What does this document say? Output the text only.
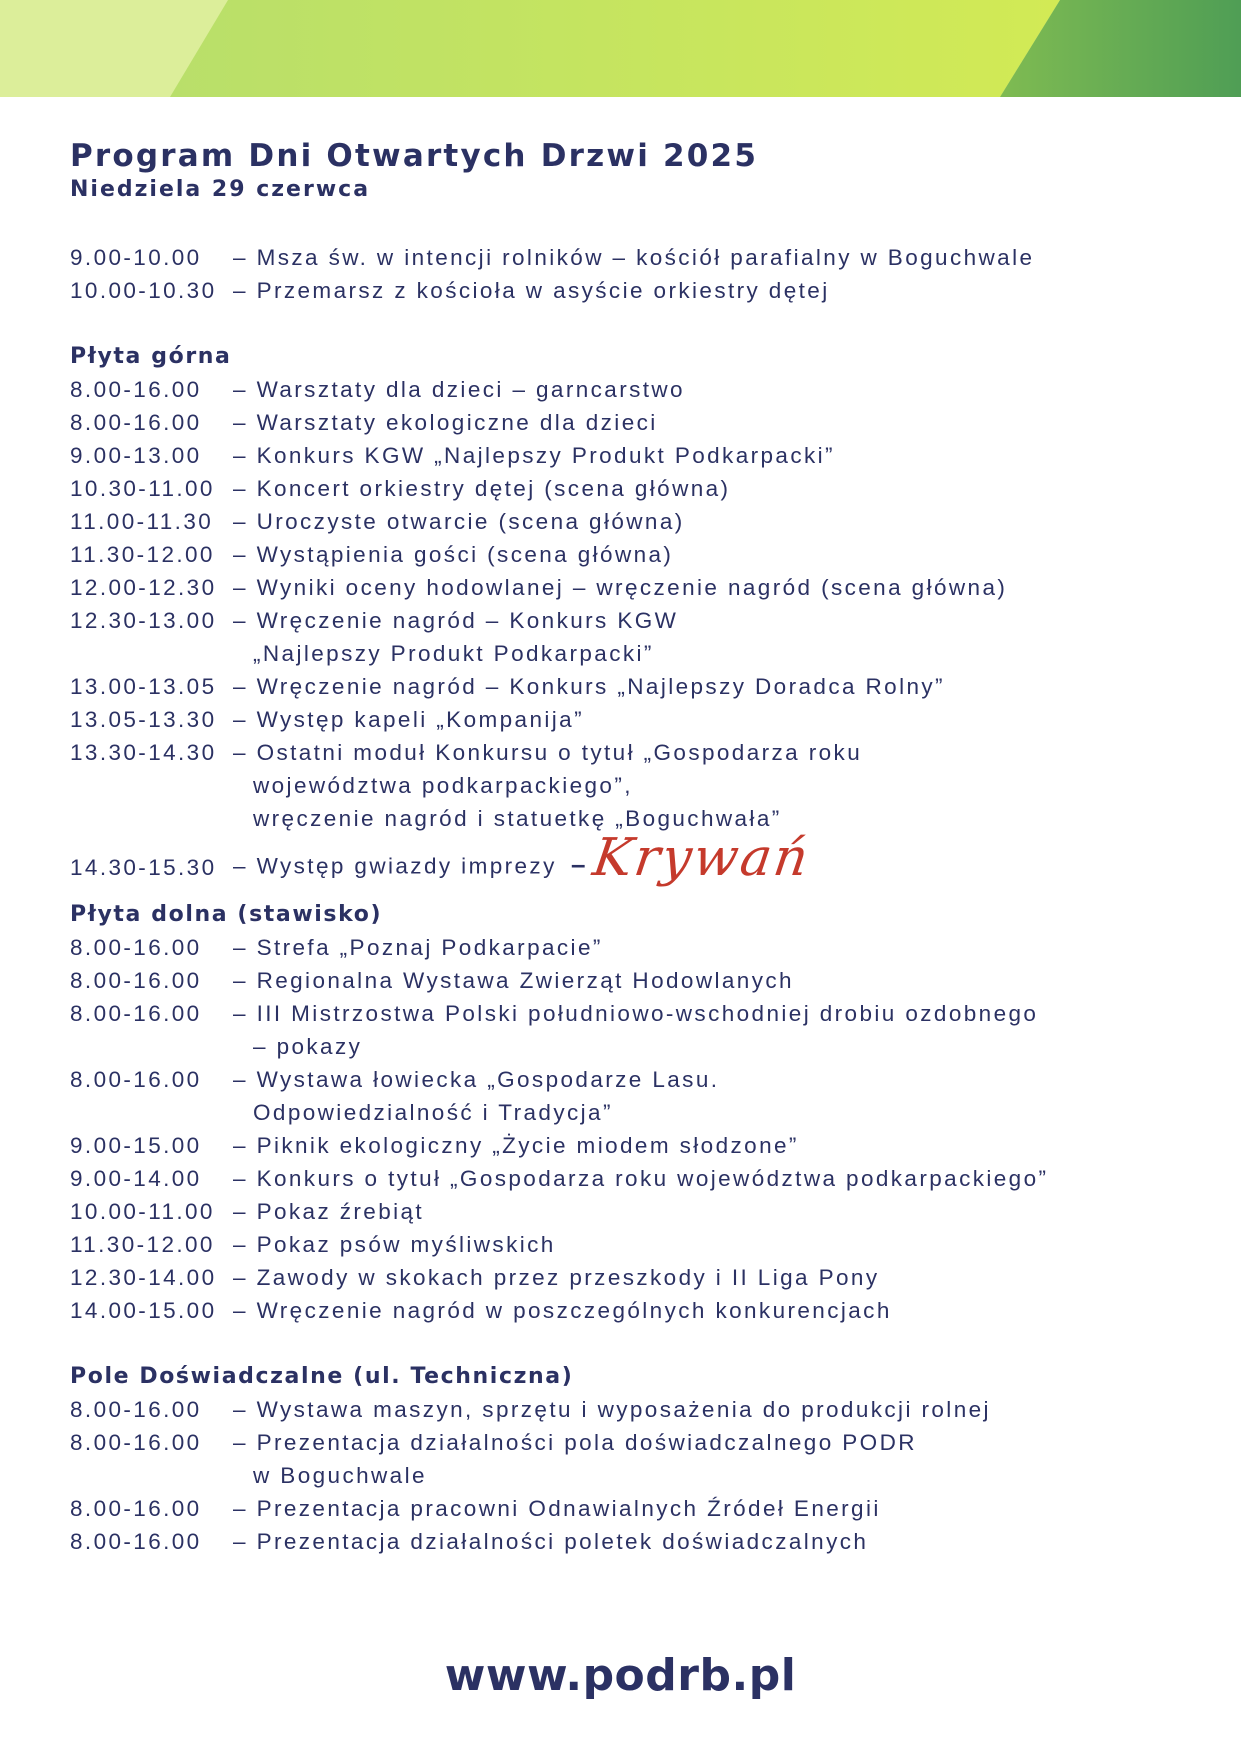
Program Dni Otwartych Drzwi 2025
Niedziela 29 czerwca
9.00-10.00	– Msza św. w intencji rolników – kościół parafialny w Boguchwale
10.00-10.30 – Przemarsz z kościoła w asyście orkiestry dętej
Płyta górna
8.00-16.00	– Warsztaty dla dzieci – garncarstwo
8.00-16.00	– Warsztaty ekologiczne dla dzieci
9.00-13.00	– Konkurs KGW „Najlepszy Produkt Podkarpacki”
10.30-11.00 – Koncert orkiestry dętej (scena główna)
11.00-11.30 – Uroczyste otwarcie (scena główna)
11.30-12.00 – Wystąpienia gości (scena główna)
12.00-12.30 – Wyniki oceny hodowlanej – wręczenie nagród (scena główna)
12.30-13.00 – Wręczenie nagród – Konkurs KGW
„Najlepszy Produkt Podkarpacki”
13.00-13.05 – Wręczenie nagród – Konkurs „Najlepszy Doradca Rolny”
13.05-13.30 – Występ kapeli „Kompanija”
13.30-14.30 – Ostatni moduł Konkursu o tytuł „Gospodarza roku
województwa podkarpackiego”,
wręczenie nagród i statuetkę „Boguchwała”
14.30-15.30 – Występ gwiazdy imprezy – Krywań
Płyta dolna (stawisko)
8.00-16.00	– Strefa „Poznaj Podkarpacie”
8.00-16.00	– Regionalna Wystawa Zwierząt Hodowlanych
8.00-16.00	– III Mistrzostwa Polski południowo-wschodniej drobiu ozdobnego
– pokazy
8.00-16.00	– Wystawa łowiecka „Gospodarze Lasu.
Odpowiedzialność i Tradycja”
9.00-15.00	– Piknik ekologiczny „Życie miodem słodzone”
9.00-14.00	– Konkurs o tytuł „Gospodarza roku województwa podkarpackiego”
10.00-11.00 – Pokaz źrebiąt
11.30-12.00 – Pokaz psów myśliwskich
12.30-14.00 – Zawody w skokach przez przeszkody i II Liga Pony
14.00-15.00 – Wręczenie nagród w poszczególnych konkurencjach
Pole Doświadczalne (ul. Techniczna)
8.00-16.00	– Wystawa maszyn, sprzętu i wyposażenia do produkcji rolnej
8.00-16.00	– Prezentacja działalności pola doświadczalnego PODR
w Boguchwale
8.00-16.00	– Prezentacja pracowni Odnawialnych Źródeł Energii
8.00-16.00	– Prezentacja działalności poletek doświadczalnych
www.podrb.pl
